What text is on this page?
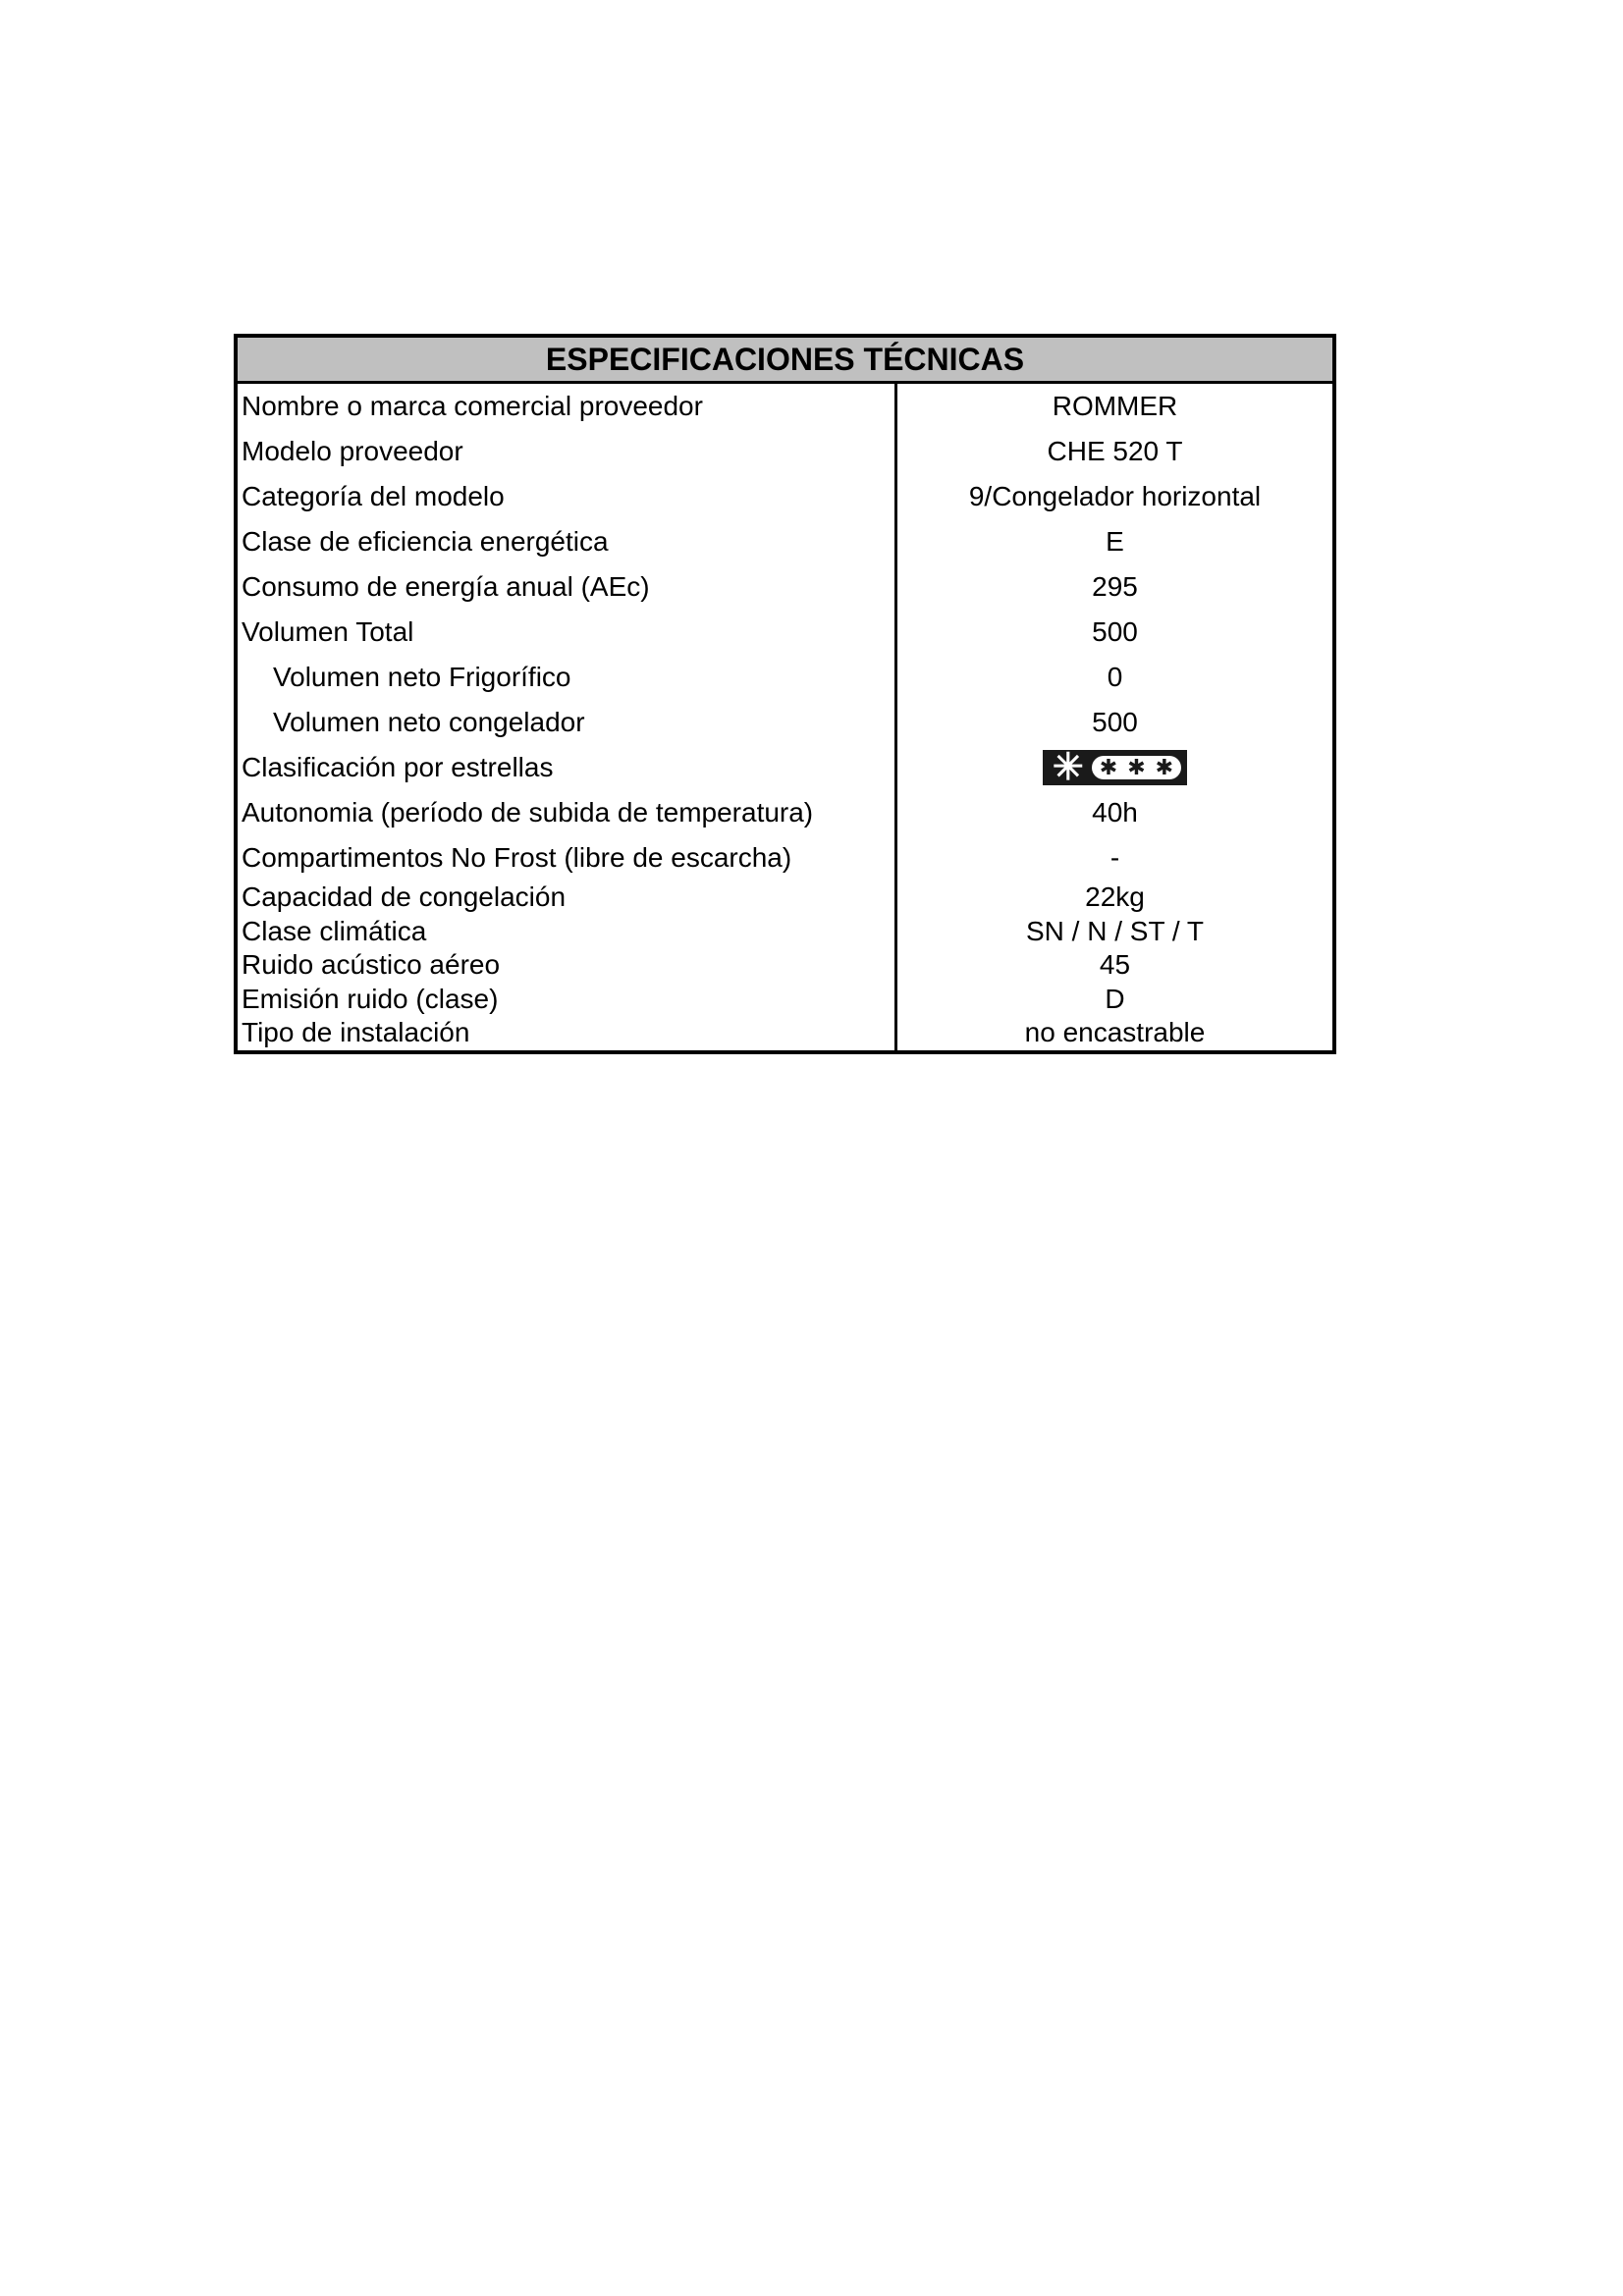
ESPECIFICACIONES TÉCNICAS
Nombre o marca comercial proveedor	ROMMER
Modelo proveedor	CHE 520 T
Categoría del modelo	9/Congelador horizontal
Clase de eficiencia energética	E
Consumo de energía anual (AEc)	295
Volumen Total	500
Volumen neto Frigorífico	0
Volumen neto congelador	500
Clasificación por estrellas	✳ ✱ ✱ ✱
Autonomia (período de subida de temperatura)	40h
Compartimentos No Frost (libre de escarcha)	-
Capacidad de congelación	22kg
Clase climática	SN / N / ST / T
Ruido acústico aéreo	45
Emisión ruido (clase)	D
Tipo de instalación	no encastrable
